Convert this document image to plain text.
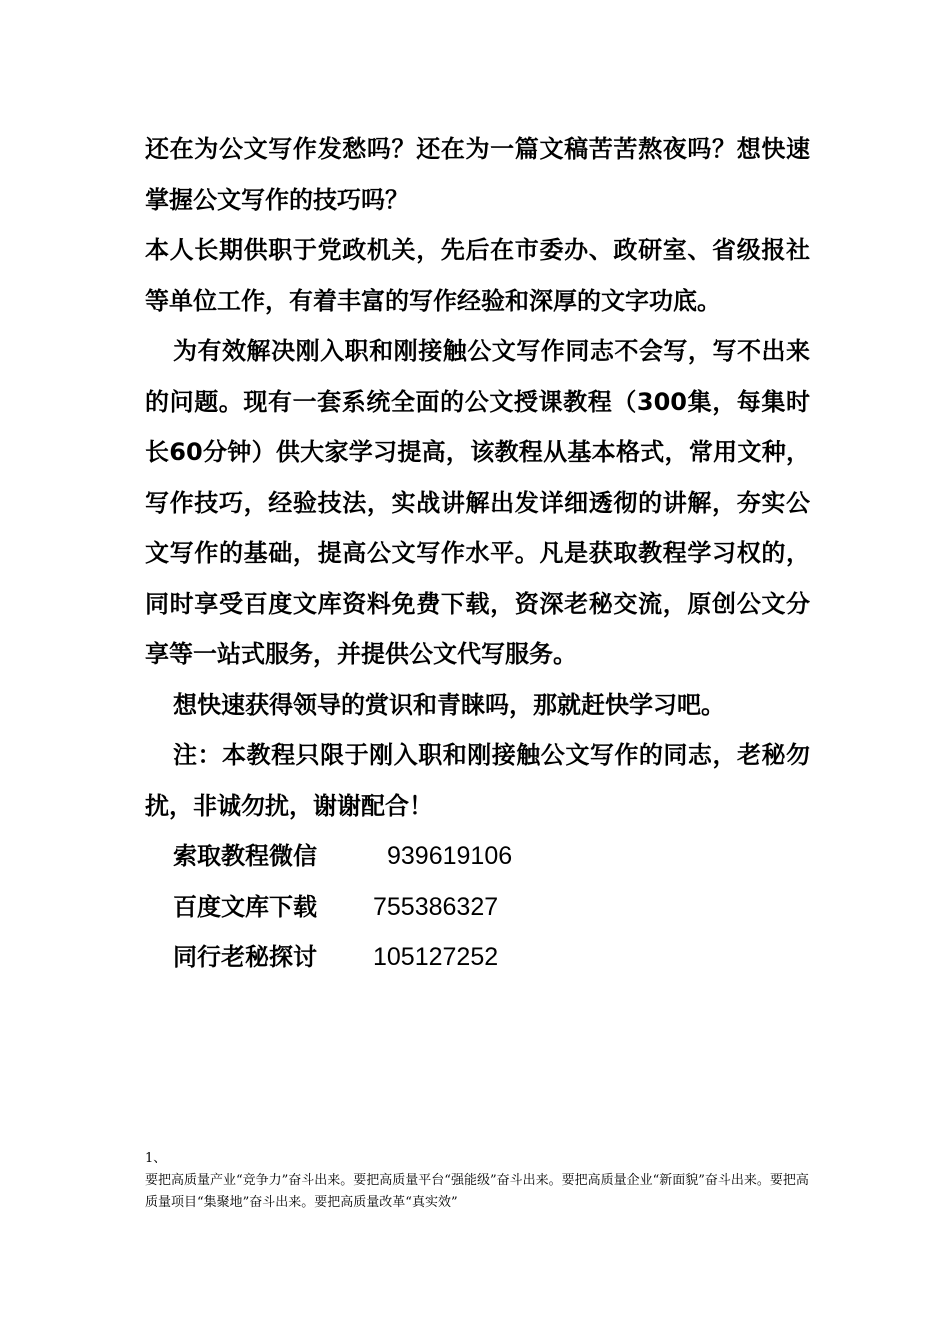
还在为公文写作发愁吗？还在为一篇文稿苦苦熬夜吗？想快速掌握公文写作的技巧吗？

本人长期供职于党政机关，先后在市委办、政研室、省级报社等单位工作，有着丰富的写作经验和深厚的文字功底。

为有效解决刚入职和刚接触公文写作同志不会写，写不出来的问题。现有一套系统全面的公文授课教程（300集，每集时长60分钟）供大家学习提高，该教程从基本格式，常用文种，写作技巧，经验技法，实战讲解出发详细透彻的讲解，夯实公文写作的基础，提高公文写作水平。凡是获取教程学习权的，同时享受百度文库资料免费下载，资深老秘交流，原创公文分享等一站式服务，并提供公文代写服务。

想快速获得领导的赏识和青睐吗，那就赶快学习吧。

注：本教程只限于刚入职和刚接触公文写作的同志，老秘勿扰，非诚勿扰，谢谢配合！

索取教程微信	939619106
百度文库下载 755386327
同行老秘探讨 105127252

1、

要把高质量产业“竞争力”奋斗出来。要把高质量平台“强能级”奋斗出来。要把高质量企业“新面貌”奋斗出来。要把高质量项目“集聚地”奋斗出来。要把高质量改革“真实效”
